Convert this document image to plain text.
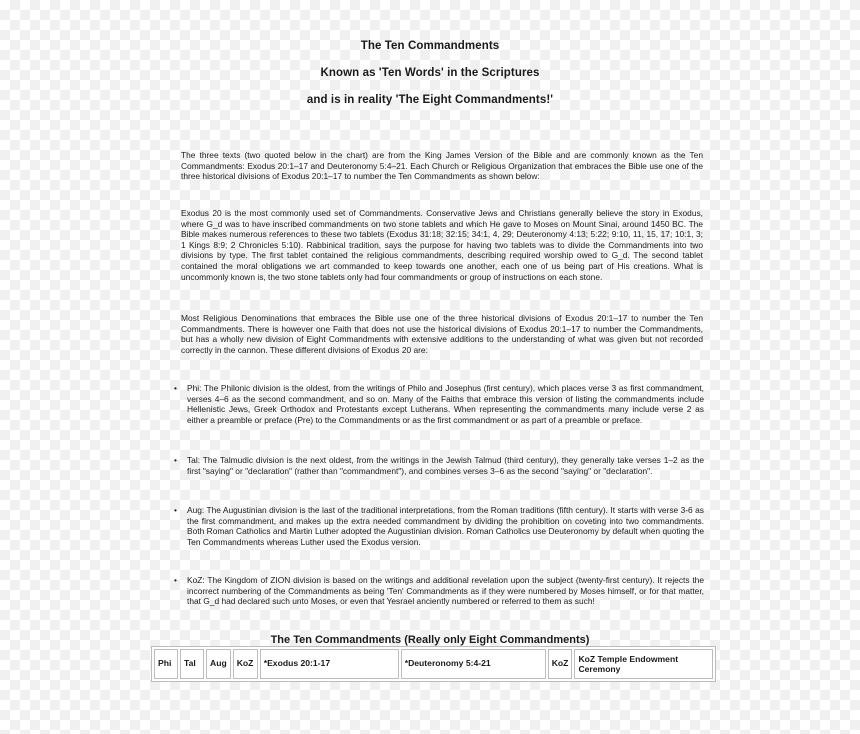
The Ten Commandments
Known as 'Ten Words' in the Scriptures
and is in reality 'The Eight Commandments!'
The three texts (two quoted below in the chart) are from the King James Version of the Bible and are commonly known as the Ten Commandments: Exodus 20:1–17 and Deuteronomy 5:4–21. Each Church or Religious Organization that embraces the Bible use one of the three historical divisions of Exodus 20:1–17 to number the Ten Commandments as shown below:
Exodus 20 is the most commonly used set of Commandments. Conservative Jews and Christians generally believe the story in Exodus, where G_d was to have inscribed commandments on two stone tablets and which He gave to Moses on Mount Sinai, around 1450 BC. The Bible makes numerous references to these two tablets (Exodus 31:18; 32:15; 34:1, 4, 29; Deuteronomy 4:13; 5:22; 9:10, 11, 15, 17; 10:1, 3; 1 Kings 8:9; 2 Chronicles 5:10). Rabbinical tradition, says the purpose for having two tablets was to divide the Commandments into two divisions by type. The first tablet contained the religious commandments, describing required worship owed to G_d. The second tablet contained the moral obligations we art commanded to keep towards one another, each one of us being part of His creations. What is uncommonly known is, the two stone tablets only had four commandments or group of instructions on each stone.
Most Religious Denominations that embraces the Bible use one of the three historical divisions of Exodus 20:1–17 to number the Ten Commandments. There is however one Faith that does not use the historical divisions of Exodus 20:1–17 to number the Commandments, but has a wholly new division of Eight Commandments with extensive additions to the understanding of what was given but not recorded correctly in the cannon. These different divisions of Exodus 20 are:
•	Phi: The Philonic division is the oldest, from the writings of Philo and Josephus (first century), which places verse 3 as first commandment, verses 4–6 as the second commandment, and so on. Many of the Faiths that embrace this version of listing the commandments include Hellenistic Jews, Greek Orthodox and Protestants except Lutherans. When representing the commandments many include verse 2 as either a preamble or preface (Pre) to the Commandments or as the first commandment or as part of a preamble or preface.
•	Tal: The Talmudic division is the next oldest, from the writings in the Jewish Talmud (third century), they generally take verses 1–2 as the first "saying" or "declaration" (rather than "commandment"), and combines verses 3–6 as the second "saying" or "declaration".
•	Aug: The Augustinian division is the last of the traditional interpretations, from the Roman traditions (fifth century). It starts with verse 3-6 as the first commandment, and makes up the extra needed commandment by dividing the prohibition on coveting into two commandments. Both Roman Catholics and Martin Luther adopted the Augustinian division. Roman Catholics use Deuteronomy by default when quoting the Ten Commandments whereas Luther used the Exodus version.
•	KoZ: The Kingdom of ZION division is based on the writings and additional revelation upon the subject (twenty-first century). It rejects the incorrect numbering of the Commandments as being 'Ten' Commandments as if they were numbered by Moses himself, or for that matter, that G_d had declared such unto Moses, or even that Yesrael anciently numbered or referred to them as such!
The Ten Commandments (Really only Eight Commandments)
Phi	Tal	Aug	KoZ	*Exodus 20:1-17	*Deuteronomy 5:4-21	KoZ	KoZ Temple Endowment Ceremony
